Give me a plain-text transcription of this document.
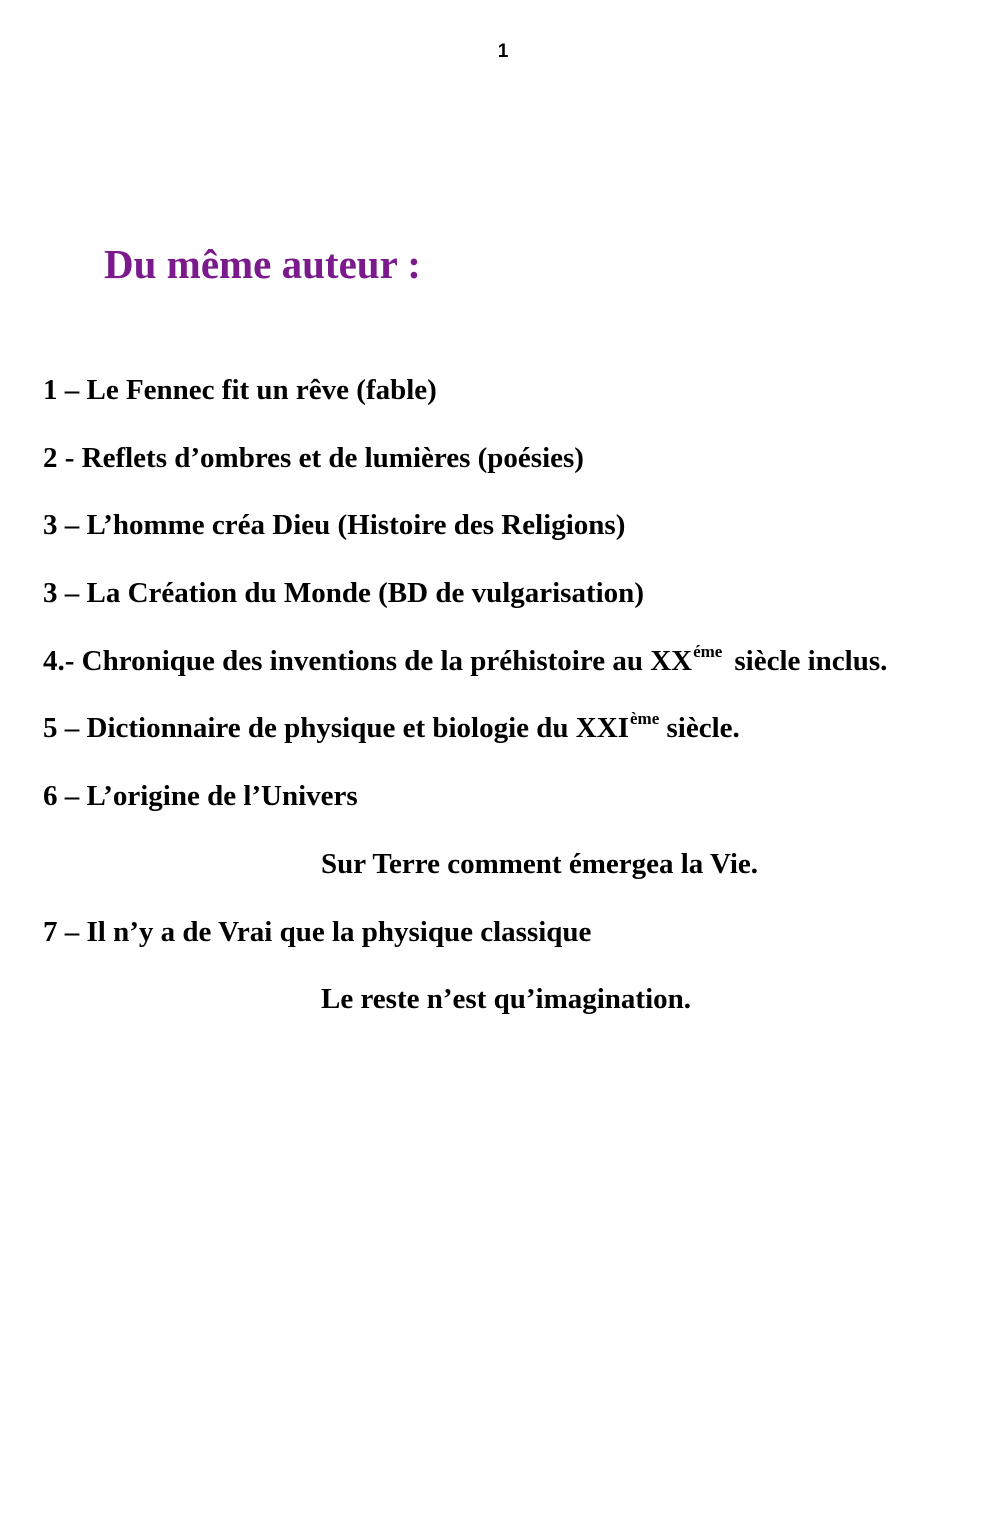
1
Du même auteur :

1 – Le Fennec fit un rêve (fable)

2 - Reflets d’ombres et de lumières (poésies)

3 – L’homme créa Dieu (Histoire des Religions)

3 – La Création du Monde (BD de vulgarisation)

4.- Chronique des inventions de la préhistoire au $XX^{éme}$ siècle inclus.

5 – Dictionnaire de physique et biologie du XXIème siècle.

6 – L’origine de l’Univers

Sur Terre comment émergea la Vie.

7 – Il n’y a de Vrai que la physique classique

Le reste n’est qu’imagination.
